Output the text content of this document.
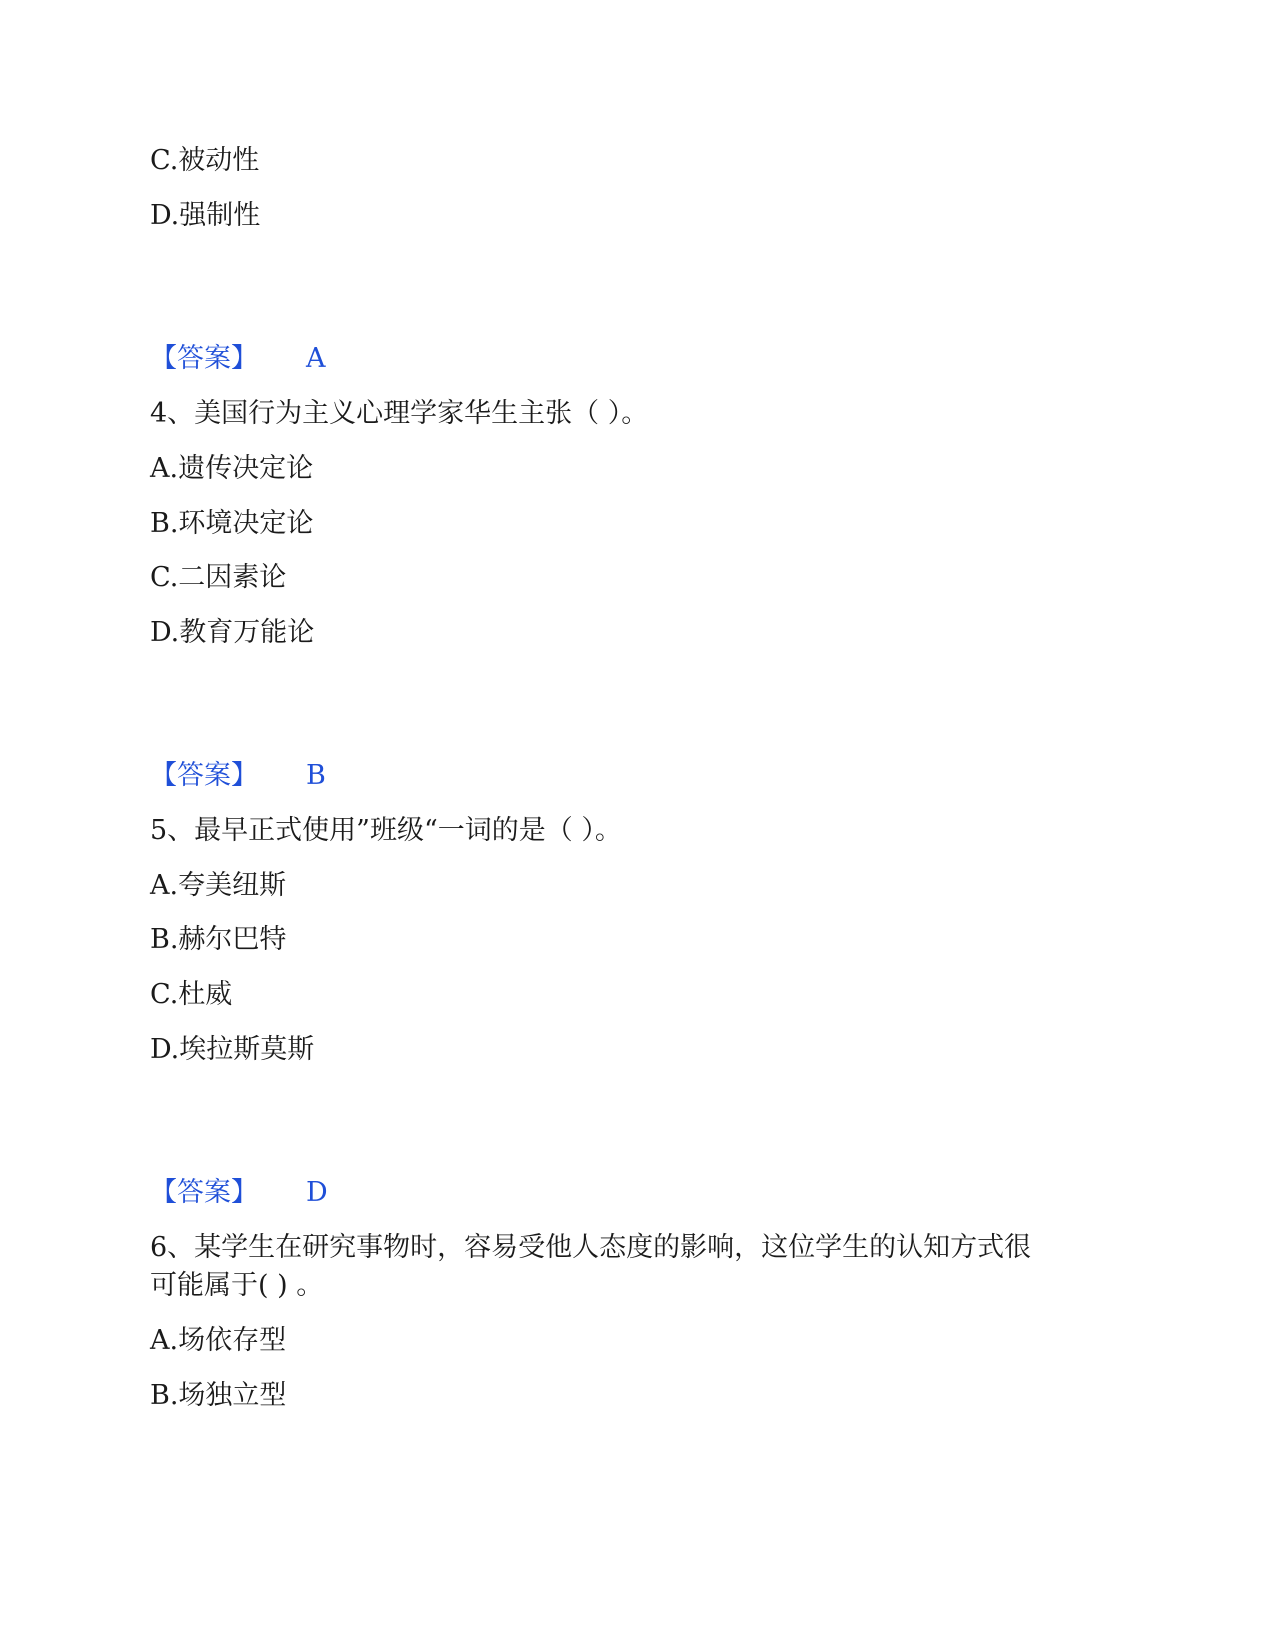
C.被动性
D.强制性
【答案】 A
4、美国行为主义心理学家华生主张（ ）。
A.遗传决定论
B.环境决定论
C.二因素论
D.教育万能论
【答案】 B
5、最早正式使用”班级“一词的是（ ）。
A.夸美纽斯
B.赫尔巴特
C.杜威
D.埃拉斯莫斯
【答案】 D
6、某学生在研究事物时，容易受他人态度的影响，这位学生的认知方式很
可能属于( ) 。
A.场依存型
B.场独立型
